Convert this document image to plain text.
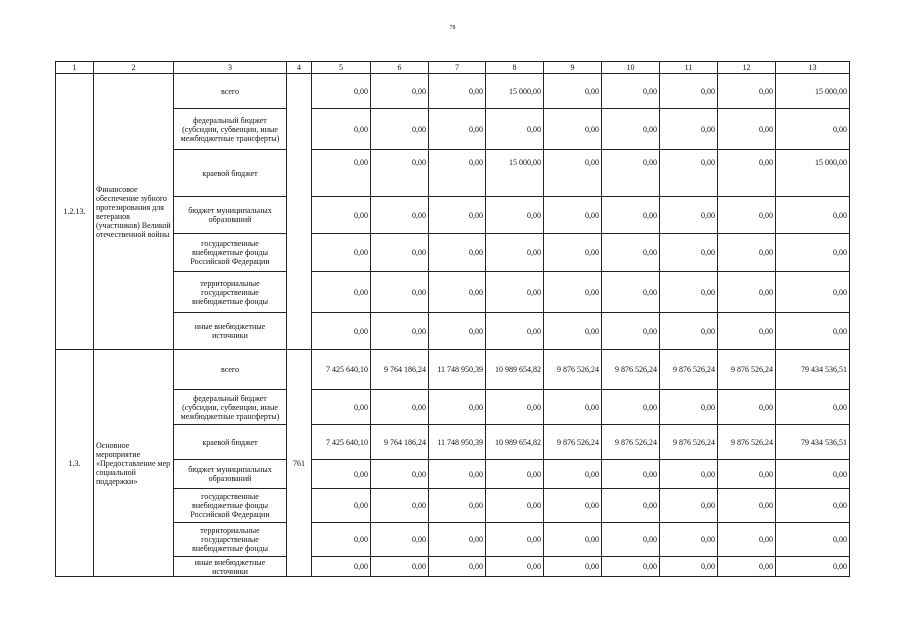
78
1	2	3	4	5	6	7	8	9	10	11	12	13
1.2.13.	Финансовое обеспечение зубного протезирования для ветеранов (участников) Великой отечественной войны	всего		0,00	0,00	0,00	15 000,00	0,00	0,00	0,00	0,00	15 000,00
		федеральный бюджет (субсидии, субвенции, иные межбюджетные трансферты)		0,00	0,00	0,00	0,00	0,00	0,00	0,00	0,00	0,00
		краевой бюджет		0,00	0,00	0,00	15 000,00	0,00	0,00	0,00	0,00	15 000,00
		бюджет муниципальных образований		0,00	0,00	0,00	0,00	0,00	0,00	0,00	0,00	0,00
		государственные внебюджетные фонды Российской Федерации		0,00	0,00	0,00	0,00	0,00	0,00	0,00	0,00	0,00
		территориальные государственные внебюджетные фонды		0,00	0,00	0,00	0,00	0,00	0,00	0,00	0,00	0,00
		иные внебюджетные источники		0,00	0,00	0,00	0,00	0,00	0,00	0,00	0,00	0,00
1.3.	Основное мероприятие «Предоставление мер социальной поддержки»	всего	761	7 425 640,10	9 764 186,24	11 748 950,39	10 989 654,82	9 876 526,24	9 876 526,24	9 876 526,24	9 876 526,24	79 434 536,51
		федеральный бюджет (субсидии, субвенции, иные межбюджетные трансферты)		0,00	0,00	0,00	0,00	0,00	0,00	0,00	0,00	0,00
		краевой бюджет		7 425 640,10	9 764 186,24	11 748 950,39	10 989 654,82	9 876 526,24	9 876 526,24	9 876 526,24	9 876 526,24	79 434 536,51
		бюджет муниципальных образований		0,00	0,00	0,00	0,00	0,00	0,00	0,00	0,00	0,00
		государственные внебюджетные фонды Российской Федерации		0,00	0,00	0,00	0,00	0,00	0,00	0,00	0,00	0,00
		территориальные государственные внебюджетные фонды		0,00	0,00	0,00	0,00	0,00	0,00	0,00	0,00	0,00
		иные внебюджетные источники		0,00	0,00	0,00	0,00	0,00	0,00	0,00	0,00	0,00
